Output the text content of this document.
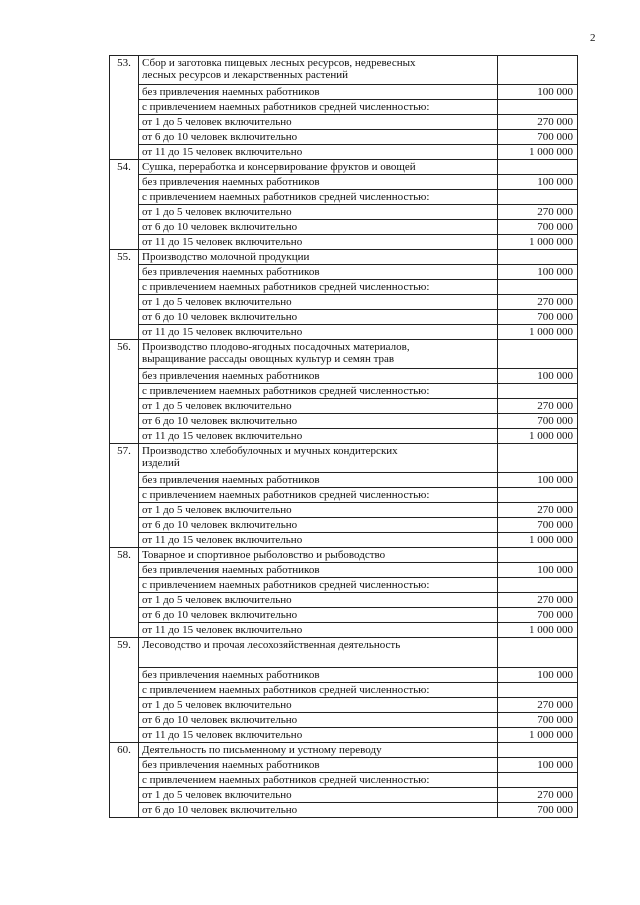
2
53.	Сбор и заготовка пищевых лесных ресурсов, недревесных
лесных ресурсов и лекарственных растений	

	без привлечения наемных работников	100 000
	с привлечением наемных работников средней численностью:	
	от 1 до 5 человек включительно	270 000
	от 6 до 10 человек включительно	700 000
	от 11 до 15 человек включительно	1 000 000
54.	Сушка, переработка и консервирование фруктов и овощей	

	без привлечения наемных работников	100 000
	с привлечением наемных работников средней численностью:	
	от 1 до 5 человек включительно	270 000
	от 6 до 10 человек включительно	700 000
	от 11 до 15 человек включительно	1 000 000
55.	Производство молочной продукции	

	без привлечения наемных работников	100 000
	с привлечением наемных работников средней численностью:	
	от 1 до 5 человек включительно	270 000
	от 6 до 10 человек включительно	700 000
	от 11 до 15 человек включительно	1 000 000
56.	Производство плодово-ягодных посадочных материалов,
выращивание рассады овощных культур и семян трав	

	без привлечения наемных работников	100 000
	с привлечением наемных работников средней численностью:	
	от 1 до 5 человек включительно	270 000
	от 6 до 10 человек включительно	700 000
	от 11 до 15 человек включительно	1 000 000
57.	Производство хлебобулочных и мучных кондитерских
изделий	

	без привлечения наемных работников	100 000
	с привлечением наемных работников средней численностью:	
	от 1 до 5 человек включительно	270 000
	от 6 до 10 человек включительно	700 000
	от 11 до 15 человек включительно	1 000 000
58.	Товарное и спортивное рыболовство и рыбоводство	

	без привлечения наемных работников	100 000
	с привлечением наемных работников средней численностью:	
	от 1 до 5 человек включительно	270 000
	от 6 до 10 человек включительно	700 000
	от 11 до 15 человек включительно	1 000 000
59.	Лесоводство и прочая лесохозяйственная деятельность	

	без привлечения наемных работников	100 000
	с привлечением наемных работников средней численностью:	
	от 1 до 5 человек включительно	270 000
	от 6 до 10 человек включительно	700 000
	от 11 до 15 человек включительно	1 000 000
60.	Деятельность по письменному и устному переводу	

	без привлечения наемных работников	100 000
	с привлечением наемных работников средней численностью:	
	от 1 до 5 человек включительно	270 000
	от 6 до 10 человек включительно	700 000
